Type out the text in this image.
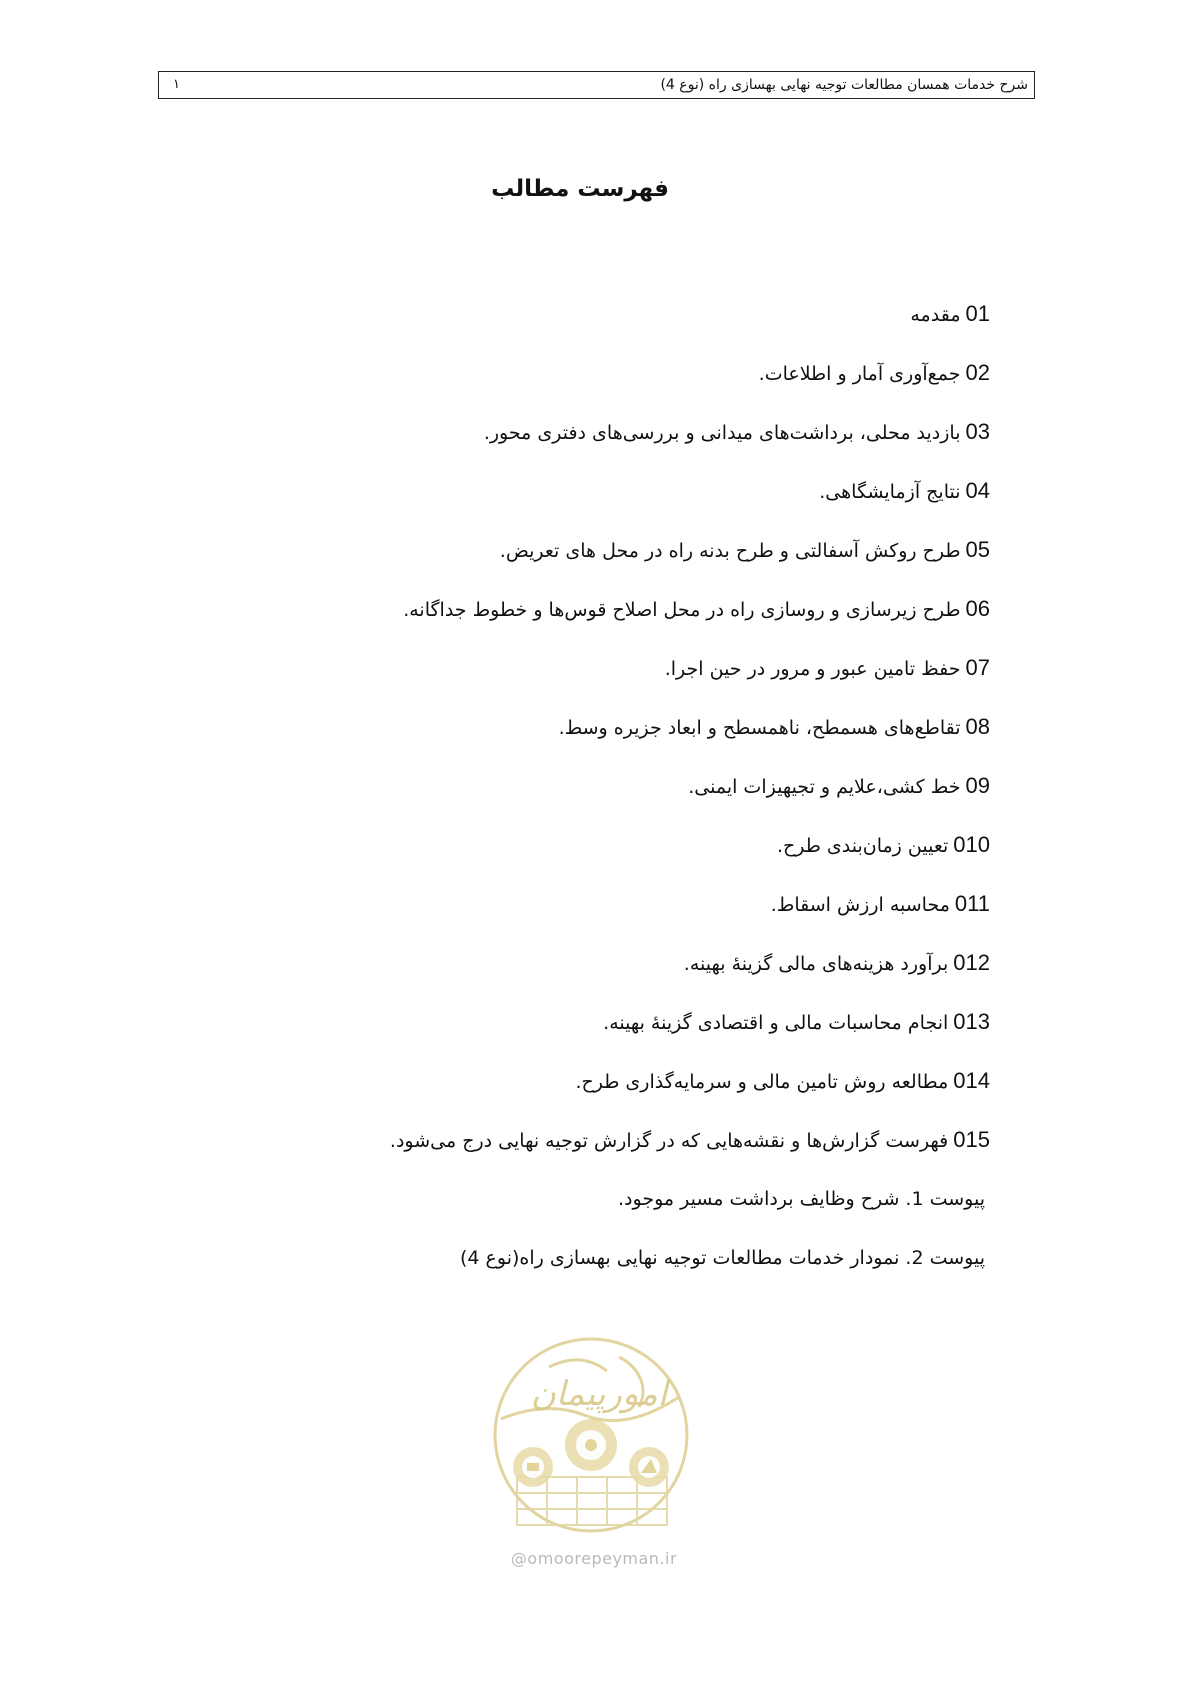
شرح خدمات همسان مطالعات توجیه نهایی بهسازی راه (نوع 4)
۱
فهرست مطالب
01مقدمه
02جمع‌آوری آمار و اطلاعات.
03بازدید محلی، برداشت‌های میدانی و بررسی‌های دفتری محور.
04نتایج آزمایشگاهی.
05طرح روکش آسفالتی و طرح بدنه راه در محل های تعریض.
06طرح زیرسازی و روسازی راه در محل اصلاح قوس‌ها و خطوط جداگانه.
07حفظ تامین عبور و مرور در حین اجرا.
08تقاطع‌های هسمطح، ناهمسطح و ابعاد جزیره وسط.
09خط کشی،علایم و تجیهیزات ایمنی.
010تعیین زمان‌بندی طرح.
011محاسبه ارزش اسقاط.
012برآورد هزینه‌های مالی گزینۀ بهینه.
013انجام محاسبات مالی و اقتصادی گزینۀ بهینه.
014مطالعه روش تامین مالی و سرمایه‌گذاری طرح.
015فهرست گزارش‌ها و نقشه‌هایی که در گزارش توجیه نهایی درج می‌شود.
پیوست 1. شرح وظایف برداشت مسیر موجود.
پیوست 2. نمودار خدمات مطالعات توجیه نهایی بهسازی راه(نوع 4)
امورپیمان
@omoorepeyman.ir
